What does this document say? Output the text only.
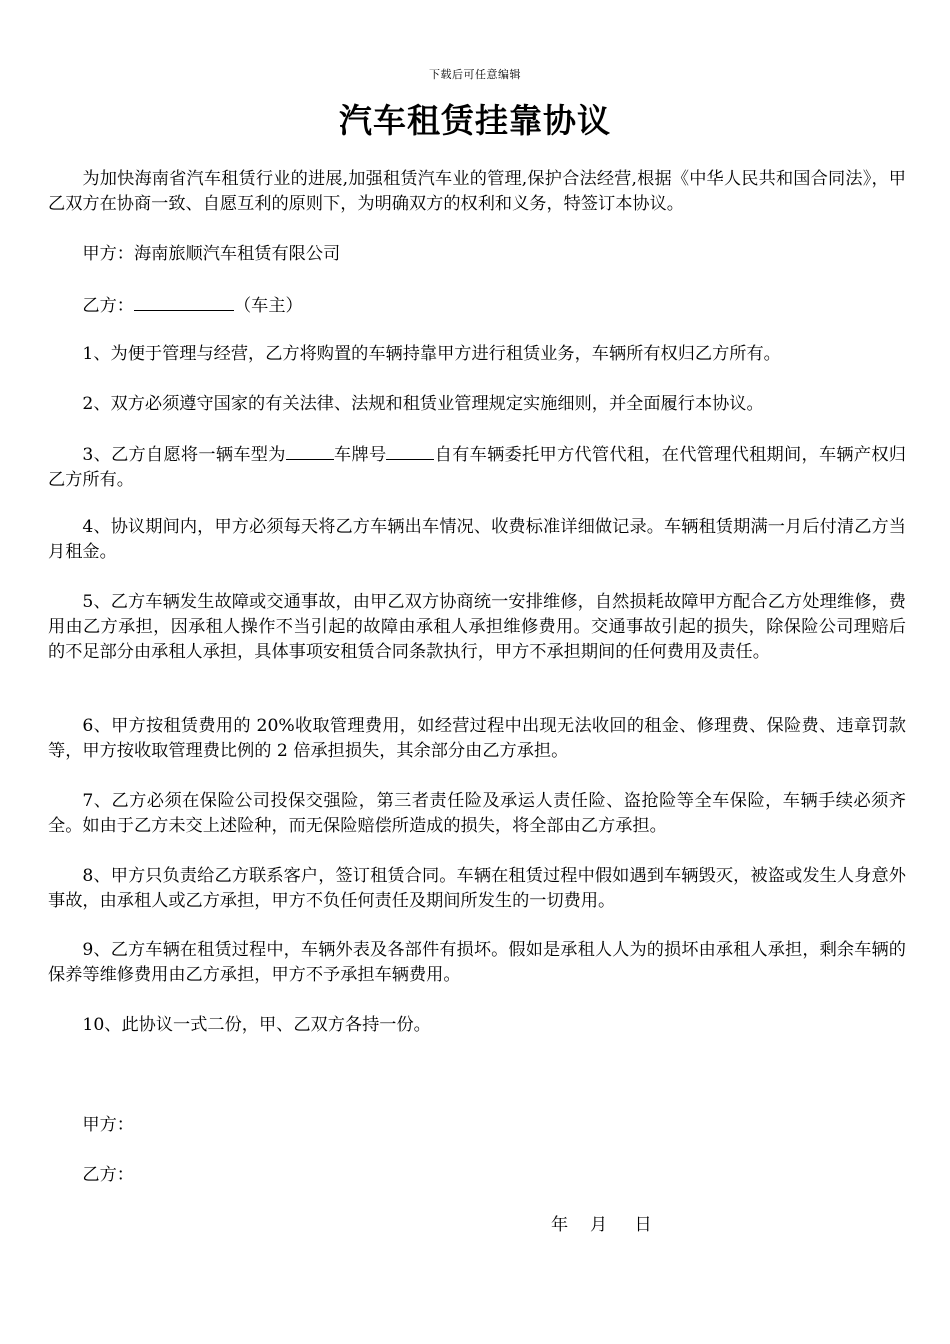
下载后可任意编辑
汽车租赁挂靠协议

为加快海南省汽车租赁行业的进展,加强租赁汽车业的管理,保护合法经营,根据《中华人民共和国合同法》，甲乙双方在协商一致、自愿互利的原则下，为明确双方的权利和义务，特签订本协议。

甲方：海南旅顺汽车租赁有限公司

乙方：	（车主）

1、为便于管理与经营，乙方将购置的车辆持靠甲方进行租赁业务，车辆所有权归乙方所有。

2、双方必须遵守国家的有关法律、法规和租赁业管理规定实施细则，并全面履行本协议。

3、乙方自愿将一辆车型为	车牌号	自有车辆委托甲方代管代租，在代管理代租期间，车辆产权归乙方所有。

4、协议期间内，甲方必须每天将乙方车辆出车情况、收费标准详细做记录。车辆租赁期满一月后付清乙方当月租金。

5、乙方车辆发生故障或交通事故，由甲乙双方协商统一安排维修，自然损耗故障甲方配合乙方处理维修，费用由乙方承担，因承租人操作不当引起的故障由承租人承担维修费用。交通事故引起的损失，除保险公司理赔后的不足部分由承租人承担，具体事项安租赁合同条款执行，甲方不承担期间的任何费用及责任。

6、甲方按租赁费用的 20%收取管理费用，如经营过程中出现无法收回的租金、修理费、保险费、违章罚款等，甲方按收取管理费比例的 2 倍承担损失，其余部分由乙方承担。

7、乙方必须在保险公司投保交强险，第三者责任险及承运人责任险、盗抢险等全车保险，车辆手续必须齐全。如由于乙方未交上述险种，而无保险赔偿所造成的损失，将全部由乙方承担。

8、甲方只负责给乙方联系客户，签订租赁合同。车辆在租赁过程中假如遇到车辆毁灭，被盗或发生人身意外事故，由承租人或乙方承担，甲方不负任何责任及期间所发生的一切费用。

9、乙方车辆在租赁过程中，车辆外表及各部件有损坏。假如是承租人人为的损坏由承租人承担，剩余车辆的保养等维修费用由乙方承担，甲方不予承担车辆费用。

10、此协议一式二份，甲、乙双方各持一份。

甲方：

乙方：

年    月     日
